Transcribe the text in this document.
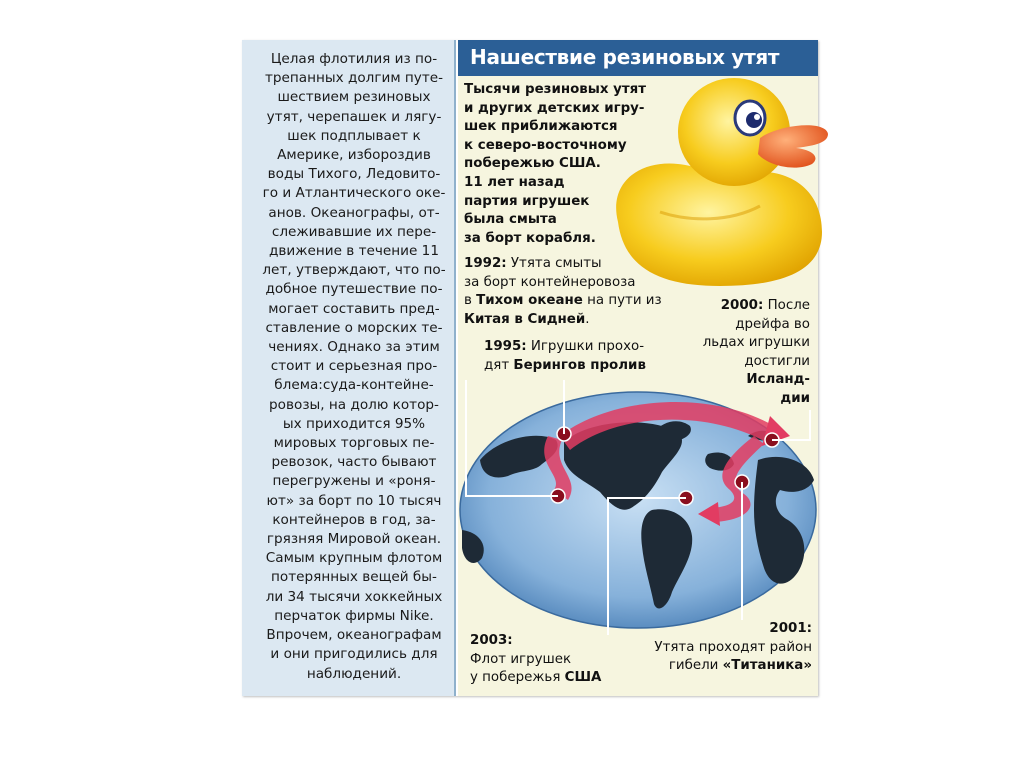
Целая флотилия из по-
трепанных долгим путе-
шествием резиновых
утят, черепашек и лягу-
шек подплывает к
Америке, избороздив
воды Тихого, Ледовито-
го и Атлантического оке-
анов. Океанографы, от-
слеживавшие их пере-
движение в течение 11
лет, утверждают, что по-
добное путешествие по-
могает составить пред-
ставление о морских те-
чениях. Однако за этим
стоит и серьезная про-
блема:суда-контейне-
ровозы, на долю котор-
ых приходится 95%
мировых торговых пе-
ревозок, часто бывают
перегружены и «роня-
ют» за борт по 10 тысяч
контейнеров в год, за-
грязняя Мировой океан.
Самым крупным флотом
потерянных вещей бы-
ли 34 тысячи хоккейных
перчаток фирмы Nike.
Впрочем, океанографам
и они пригодились для
наблюдений.
Нашествие резиновых утят
Тысячи резиновых утят
и других детских игру-
шек приближаются
к северо-восточному
побережью США.
11 лет назад
партия игрушек
была смыта
за борт корабля.
1992: Утята смыты
за борт контейнеровоза
в Тихом океане на пути из
Китая в Сидней.
1995: Игрушки прохо-
дят Берингов пролив
2000: После
дрейфа во
льдах игрушки
достигли
Исланд-
дии
2003:
Флот игрушек
у побережья США
2001:
Утята проходят район
гибели «Титаника»
